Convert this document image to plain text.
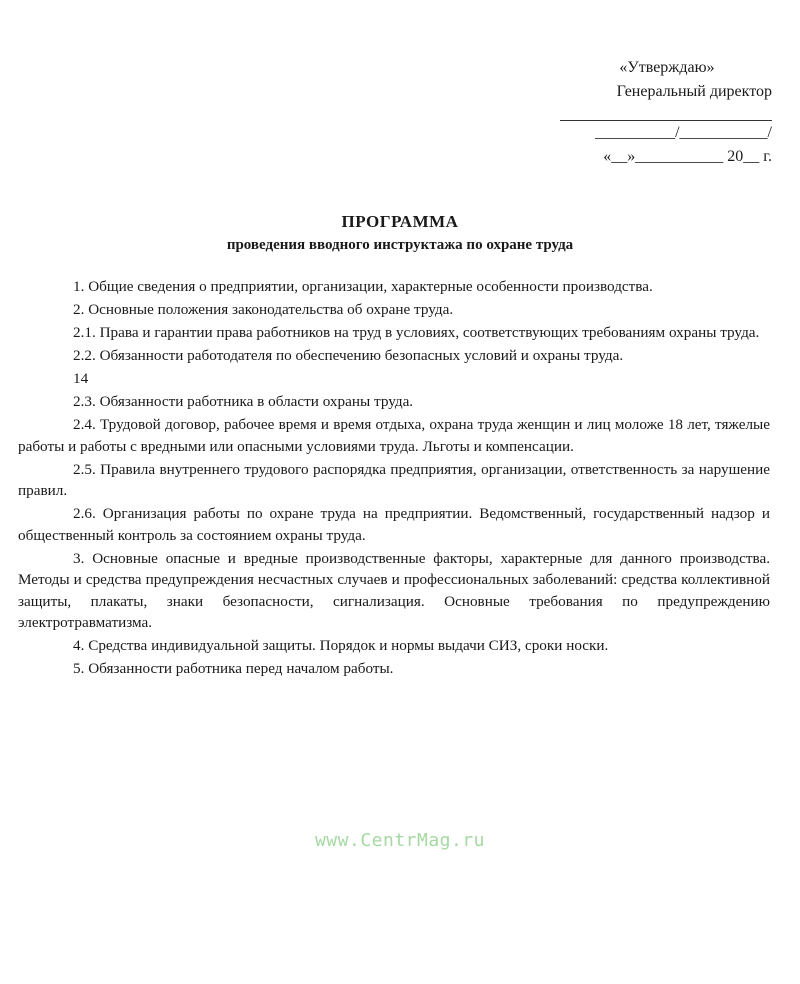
«Утверждаю»
Генеральный директор
__________/___________/
«__»___________ 20__ г.
ПРОГРАММА
проведения вводного инструктажа по охране труда

1. Общие сведения о предприятии, организации, характерные особенности производства.

2. Основные положения законодательства об охране труда.

2.1. Права и гарантии права работников на труд в условиях, соответствующих требованиям охраны труда.

2.2. Обязанности работодателя по обеспечению безопасных условий и охраны труда.

14

2.3. Обязанности работника в области охраны труда.

2.4. Трудовой договор, рабочее время и время отдыха, охрана труда женщин и лиц моложе 18 лет, тяжелые работы и работы с вредными или опасными условиями труда. Льготы и компенсации.

2.5. Правила внутреннего трудового распорядка предприятия, организации, ответственность за нарушение правил.

2.6. Организация работы по охране труда на предприятии. Ведомственный, государственный надзор и общественный контроль за состоянием охраны труда.

3. Основные опасные и вредные производственные факторы, характерные для данного производства. Методы и средства предупреждения несчастных случаев и профессиональных заболеваний: средства коллективной защиты, плакаты, знаки безопасности, сигнализация. Основные требования по предупреждению электротравматизма.

4. Средства индивидуальной защиты. Порядок и нормы выдачи СИЗ, сроки носки.

5. Обязанности работника перед началом работы.

www.CentrMag.ru
